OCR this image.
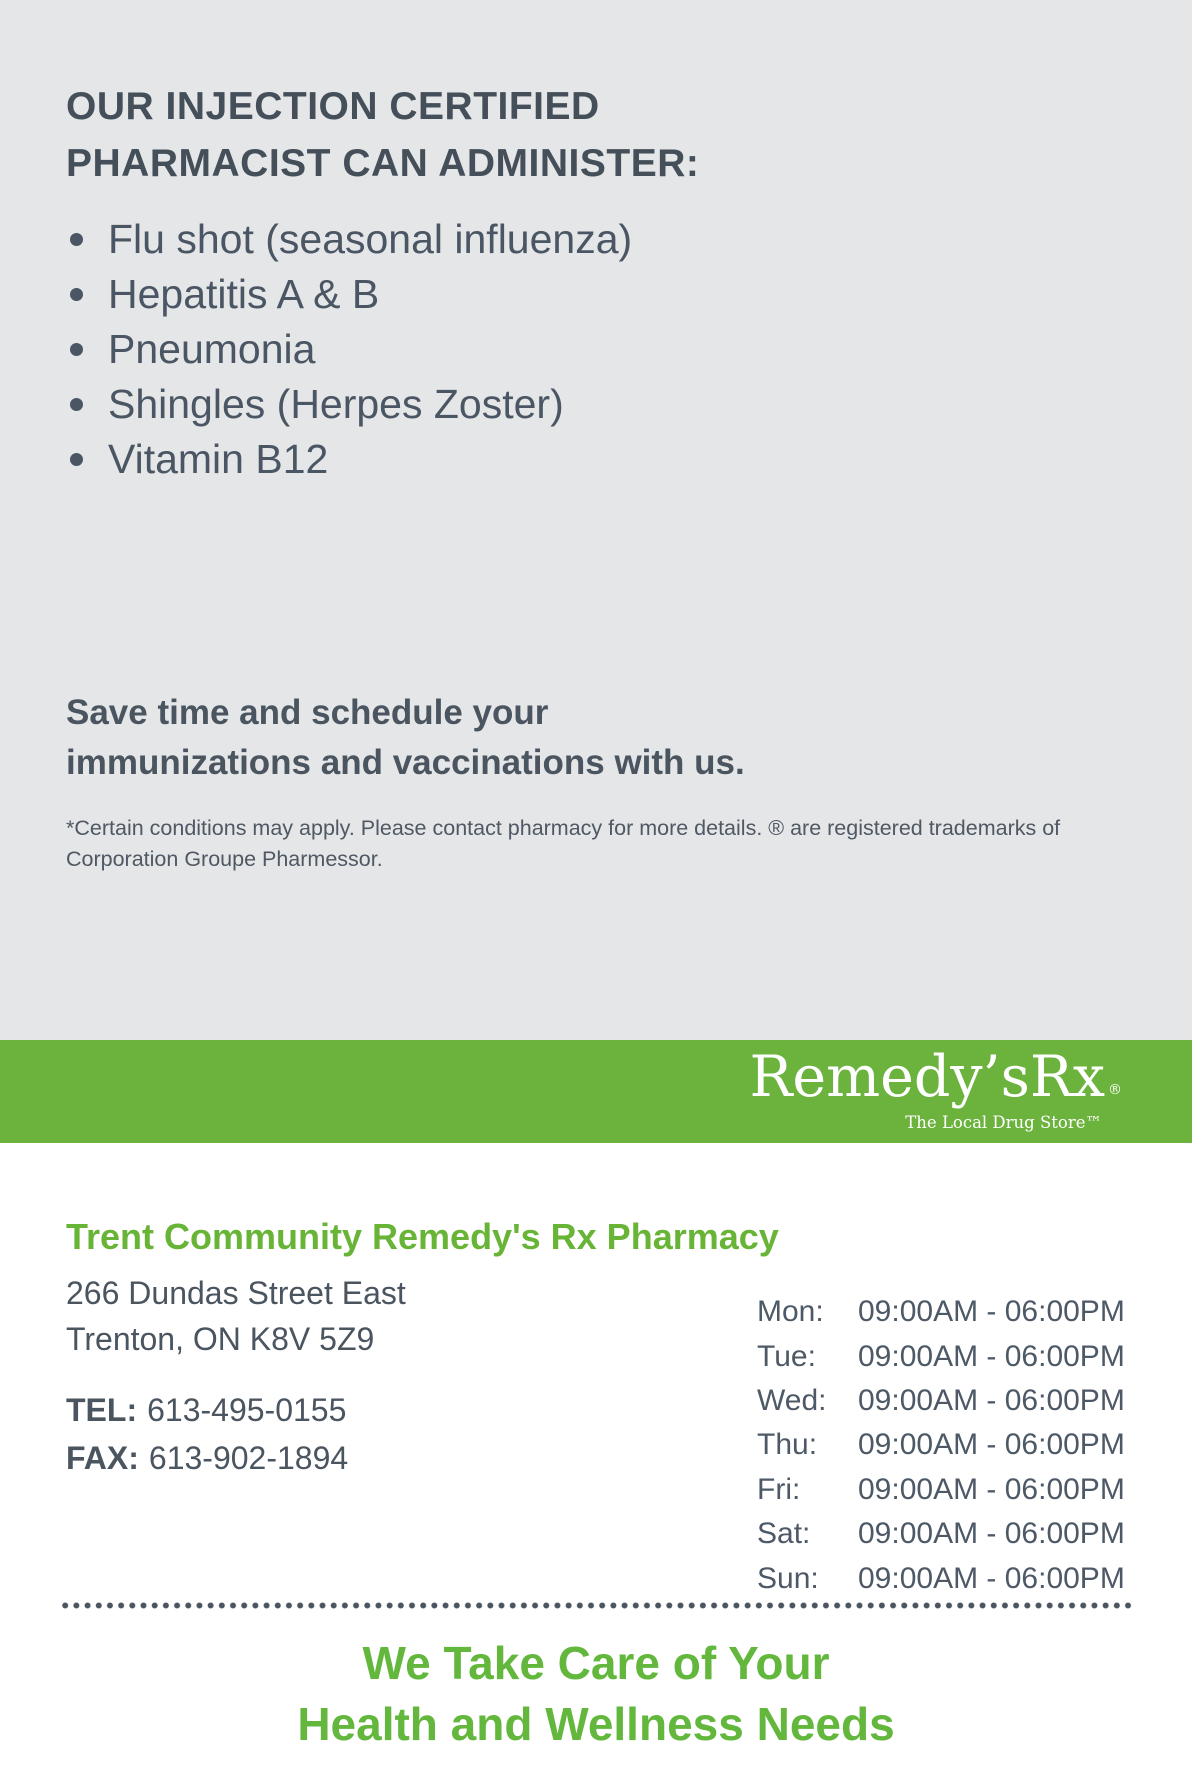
OUR INJECTION CERTIFIED
PHARMACIST CAN ADMINISTER:
Flu shot (seasonal influenza)
Hepatitis A & B
Pneumonia
Shingles (Herpes Zoster)
Vitamin B12
Save time and schedule your
immunizations and vaccinations with us.
*Certain conditions may apply. Please contact pharmacy for more details. ® are registered trademarks of
Corporation Groupe Pharmessor.
Remedy’sRx ®
The Local Drug Store™
Trent Community Remedy's Rx Pharmacy
266 Dundas Street East
Trenton, ON K8V 5Z9
TEL: 613-495-0155
FAX: 613-902-1894
Mon:	09:00AM - 06:00PM
Tue:	09:00AM - 06:00PM
Wed:	09:00AM - 06:00PM
Thu:	09:00AM - 06:00PM
Fri:	09:00AM - 06:00PM
Sat:	09:00AM - 06:00PM
Sun:	09:00AM - 06:00PM
We Take Care of Your
Health and Wellness Needs
